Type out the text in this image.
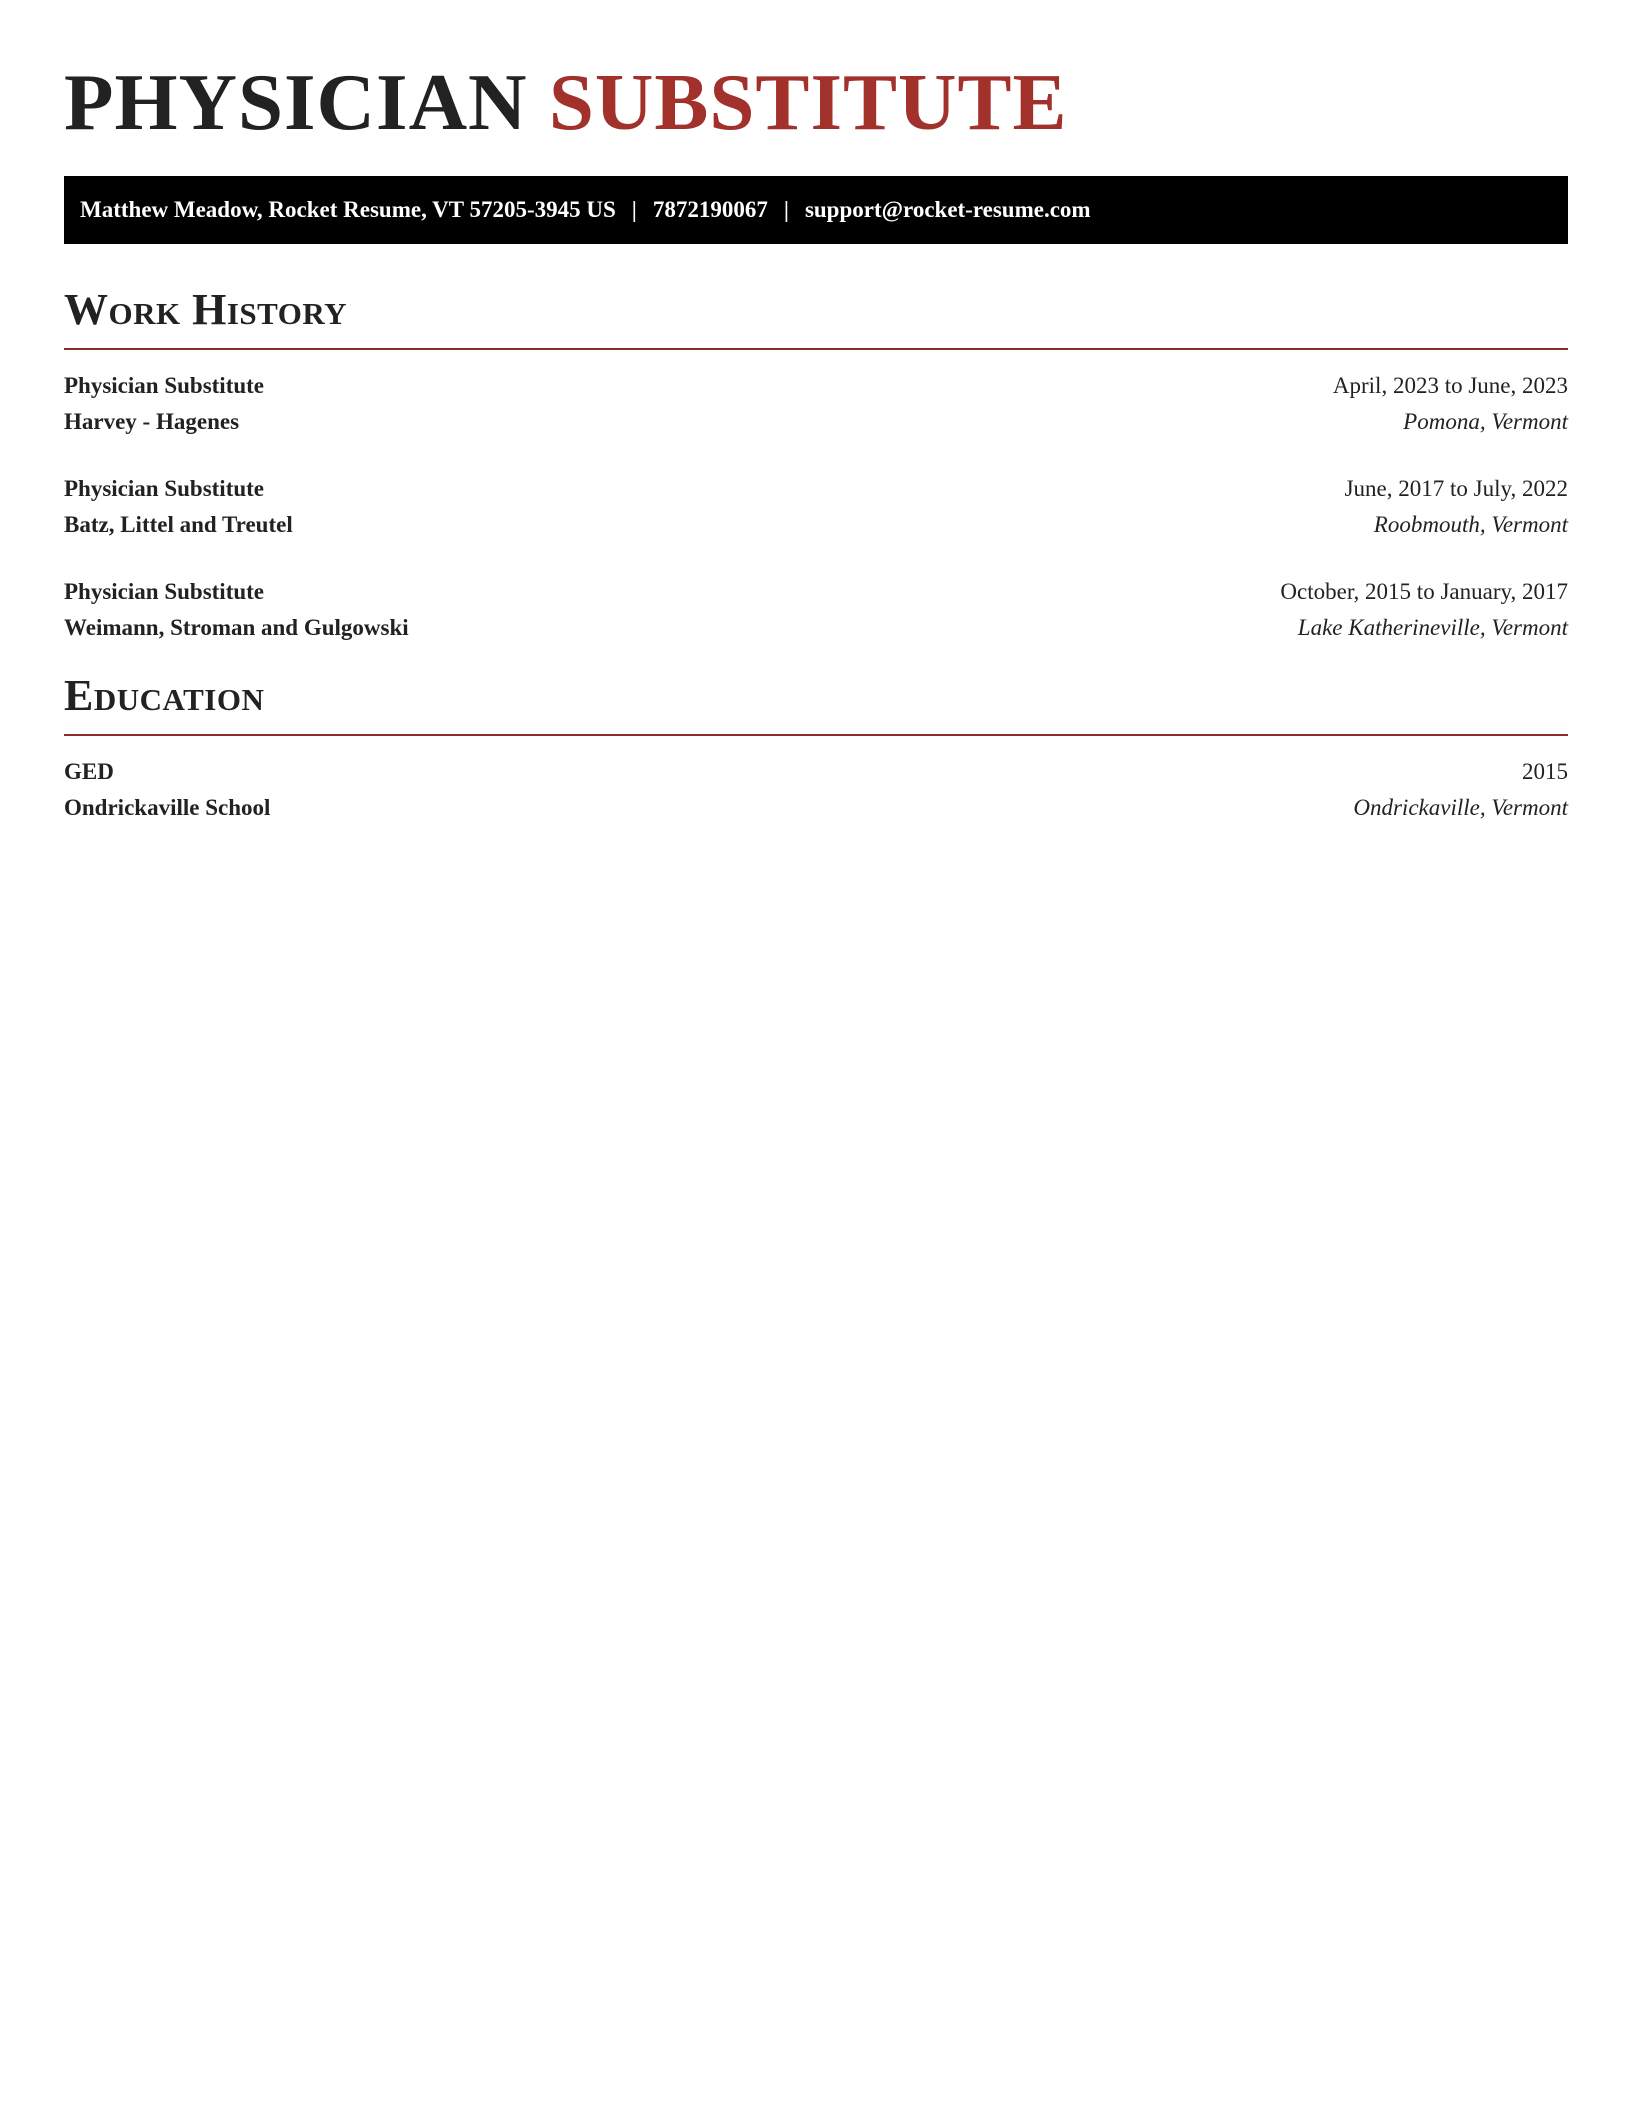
PHYSICIAN SUBSTITUTE
Matthew Meadow, Rocket Resume, VT 57205-3945 US | 7872190067 | support@rocket-resume.com
Work History
Physician Substitute	April, 2023 to June, 2023
Harvey - Hagenes	Pomona, Vermont
Physician Substitute	June, 2017 to July, 2022
Batz, Littel and Treutel	Roobmouth, Vermont
Physician Substitute	October, 2015 to January, 2017
Weimann, Stroman and Gulgowski	Lake Katherineville, Vermont
Education
GED	2015
Ondrickaville School	Ondrickaville, Vermont
